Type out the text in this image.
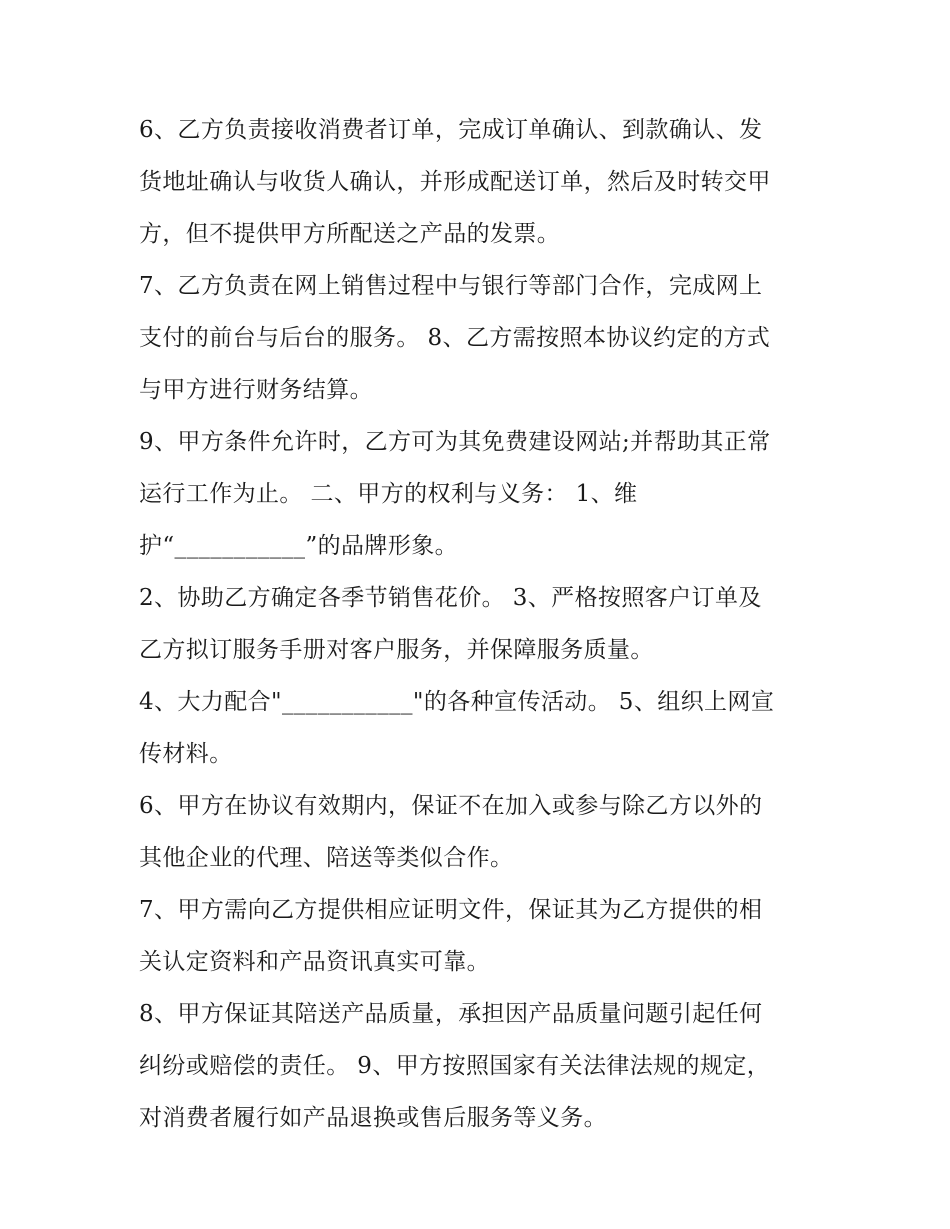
6、乙方负责接收消费者订单，完成订单确认、到款确认、发
货地址确认与收货人确认，并形成配送订单，然后及时转交甲
方，但不提供甲方所配送之产品的发票。
7、乙方负责在网上销售过程中与银行等部门合作，完成网上
支付的前台与后台的服务。 8、乙方需按照本协议约定的方式
与甲方进行财务结算。
9、甲方条件允许时，乙方可为其免费建设网站;并帮助其正常
运行工作为止。 二、甲方的权利与义务： 1、维
护“___________”的品牌形象。
2、协助乙方确定各季节销售花价。 3、严格按照客户订单及
乙方拟订服务手册对客户服务，并保障服务质量。
4、大力配合"___________"的各种宣传活动。 5、组织上网宣
传材料。
6、甲方在协议有效期内，保证不在加入或参与除乙方以外的
其他企业的代理、陪送等类似合作。
7、甲方需向乙方提供相应证明文件，保证其为乙方提供的相
关认定资料和产品资讯真实可靠。
8、甲方保证其陪送产品质量，承担因产品质量问题引起任何
纠纷或赔偿的责任。 9、甲方按照国家有关法律法规的规定，
对消费者履行如产品退换或售后服务等义务。
